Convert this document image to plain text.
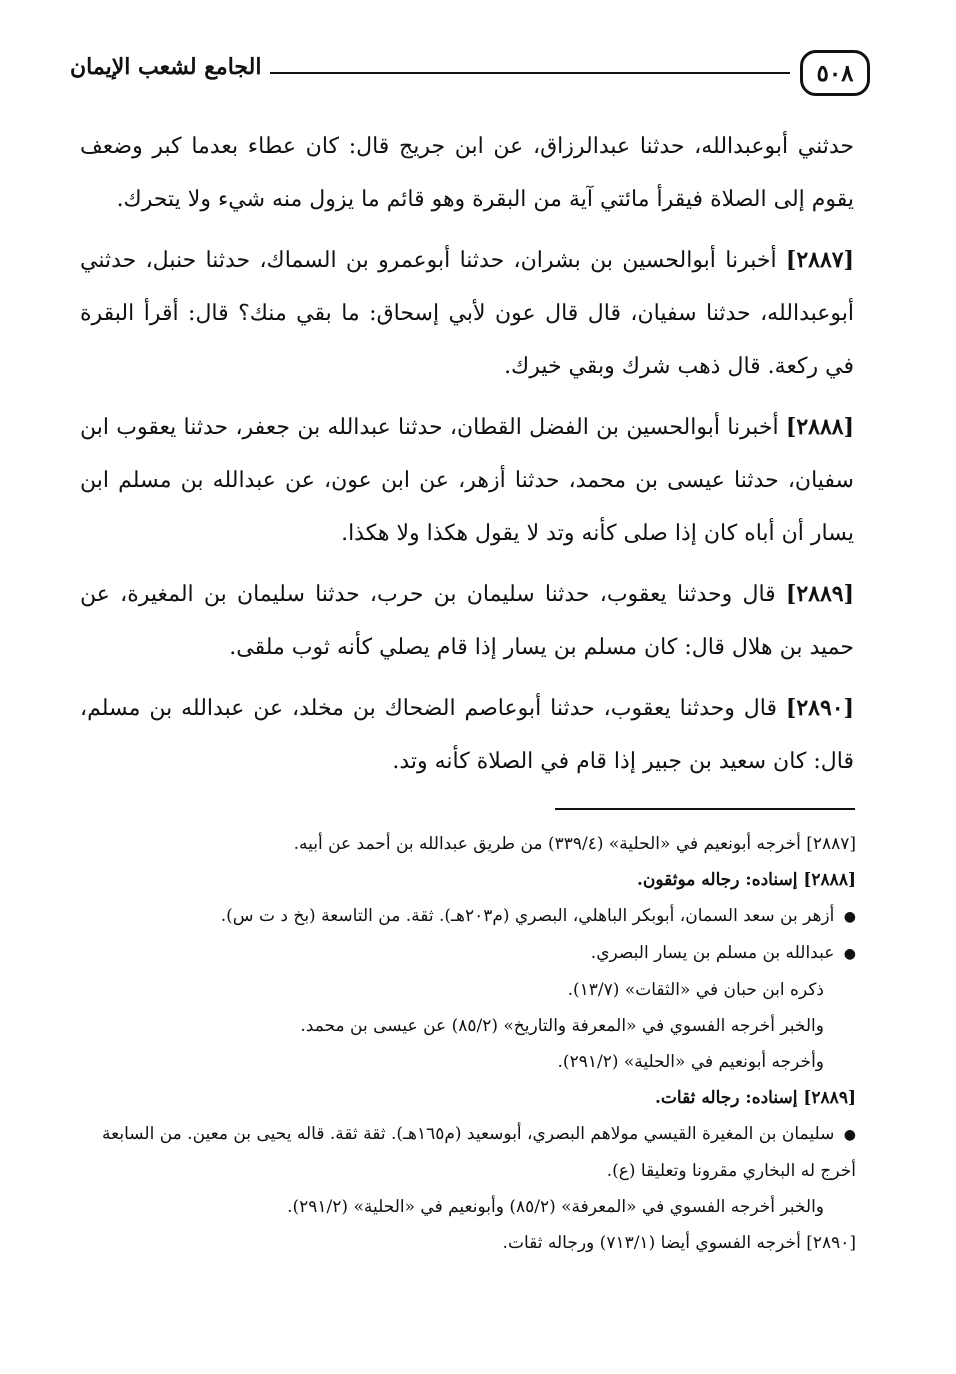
الجامع لشعب الإيمان	٥٠٨

حدثني أبوعبدالله، حدثنا عبدالرزاق، عن ابن جريج قال: كان عطاء بعدما كبر وضعف يقوم إلى الصلاة فيقرأ مائتي آية من البقرة وهو قائم ما يزول منه شيء ولا يتحرك.

[٢٨٨٧] أخبرنا أبوالحسين بن بشران، حدثنا أبوعمرو بن السماك، حدثنا حنبل، حدثني أبوعبدالله، حدثنا سفيان، قال قال عون لأبي إسحاق: ما بقي منك؟ قال: أقرأ البقرة في ركعة. قال ذهب شرك وبقي خيرك.

[٢٨٨٨] أخبرنا أبوالحسين بن الفضل القطان، حدثنا عبدالله بن جعفر، حدثنا يعقوب ابن سفيان، حدثنا عيسى بن محمد، حدثنا أزهر، عن ابن عون، عن عبدالله بن مسلم ابن يسار أن أباه كان إذا صلى كأنه وتد لا يقول هكذا ولا هكذا.

[٢٨٨٩] قال وحدثنا يعقوب، حدثنا سليمان بن حرب، حدثنا سليمان بن المغيرة، عن حميد بن هلال قال: كان مسلم بن يسار إذا قام يصلي كأنه ثوب ملقى.

[٢٨٩٠] قال وحدثنا يعقوب، حدثنا أبوعاصم الضحاك بن مخلد، عن عبدالله بن مسلم، قال: كان سعيد بن جبير إذا قام في الصلاة كأنه وتد.

[٢٨٨٧] أخرجه أبونعيم في «الحلية» (٣٣٩/٤) من طريق عبدالله بن أحمد عن أبيه.

[٢٨٨٨] إسناده: رجاله موثقون.

● أزهر بن سعد السمان، أبوبكر الباهلي، البصري (م٢٠٣هـ). ثقة. من التاسعة (بخ د ت س).

● عبدالله بن مسلم بن يسار البصري.

ذكره ابن حبان في «الثقات» (١٣/٧).

والخبر أخرجه الفسوي في «المعرفة والتاريخ» (٨٥/٢) عن عيسى بن محمد.

وأخرجه أبونعيم في «الحلية» (٢٩١/٢).

[٢٨٨٩] إسناده: رجاله ثقات.

● سليمان بن المغيرة القيسي مولاهم البصري، أبوسعيد (م١٦٥هـ). ثقة ثقة. قاله يحيى بن معين. من السابعة أخرج له البخاري مقرونا وتعليقا (ع).

والخبر أخرجه الفسوي في «المعرفة» (٨٥/٢) وأبونعيم في «الحلية» (٢٩١/٢).

[٢٨٩٠] أخرجه الفسوي أيضا (٧١٣/١) ورجاله ثقات.
